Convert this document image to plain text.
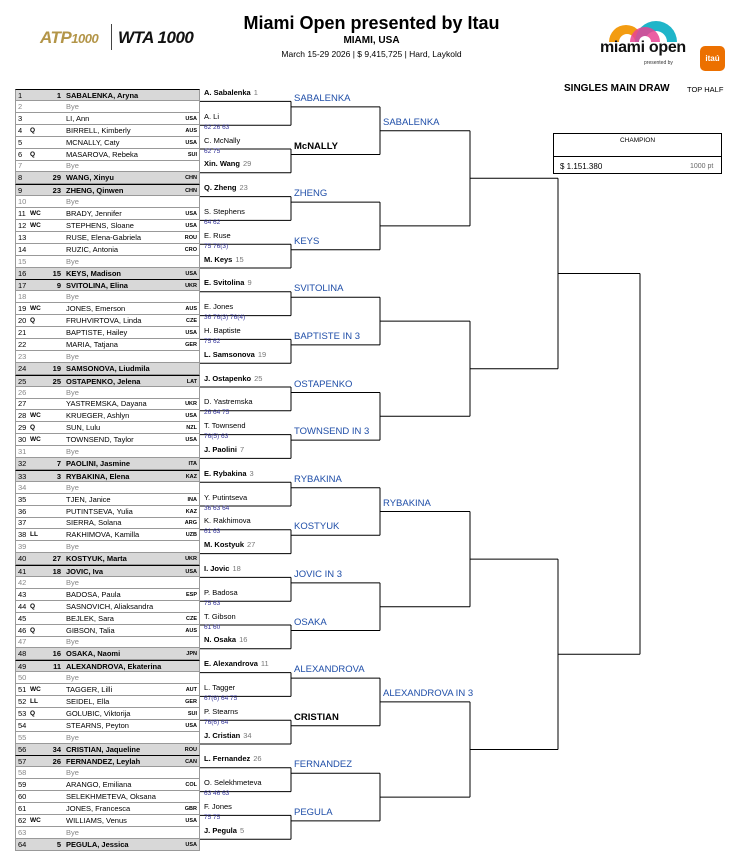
ATP1000 WTA 1000
Miami Open presented by Itau
MIAMI, USA
March 15-29 2026 | $ 9,415,725 | Hard, Laykold	miami open
presented by	itaú
SINGLES MAIN DRAW TOP HALF
CHAMPION
$ 1.151.380	1000 pt
1	1 SABALENKA, Aryna
2	Bye
3	LI, Ann	USA
4	Q	BIRRELL, Kimberly	AUS
5	MCNALLY, Caty	USA
6	Q	MASAROVA, Rebeka	SUI
7	Bye
8	29 WANG, Xinyu	CHN
9	23 ZHENG, Qinwen	CHN
10	Bye
11 WC	BRADY, Jennifer	USA
12 WC	STEPHENS, Sloane	USA
13	RUSE, Elena-Gabriela	ROU
14	RUZIC, Antonia	CRO
15	Bye
16	15 KEYS, Madison	USA
17	9 SVITOLINA, Elina	UKR
18	Bye
19 WC	JONES, Emerson	AUS
20 Q	FRUHVIRTOVA, Linda	CZE
21	BAPTISTE, Hailey	USA
22	MARIA, Tatjana	GER
23	Bye
24	19 SAMSONOVA, Liudmila
25	25 OSTAPENKO, Jelena	LAT
26	Bye
27	YASTREMSKA, Dayana	UKR
28 WC	KRUEGER, Ashlyn	USA
29 Q	SUN, Lulu	NZL
30 WC	TOWNSEND, Taylor	USA
31	Bye
32	7 PAOLINI, Jasmine	ITA
33	3 RYBAKINA, Elena	KAZ
34	Bye
35	TJEN, Janice	INA
36	PUTINTSEVA, Yulia	KAZ
37	SIERRA, Solana	ARG
38 LL	RAKHIMOVA, Kamilla	UZB
39	Bye
40	27 KOSTYUK, Marta	UKR
41	18 JOVIC, Iva	USA
42	Bye
43	BADOSA, Paula	ESP
44 Q	SASNOVICH, Aliaksandra
45	BEJLEK, Sara	CZE
46 Q	GIBSON, Talia	AUS
47	Bye
48	16 OSAKA, Naomi	JPN
49	11 ALEXANDROVA, Ekaterina
50	Bye
51 WC	TAGGER, Lilli	AUT
52 LL	SEIDEL, Ella	GER
53 Q	GOLUBIC, Viktorija	SUI
54	STEARNS, Peyton	USA
55	Bye
56	34 CRISTIAN, Jaqueline	ROU
57	26 FERNANDEZ, Leylah	CAN
58	Bye
59	ARANGO, Emiliana	COL
60	SELEKHMETEVA, Oksana
61	JONES, Francesca	GBR
62 WC	WILLIAMS, Venus	USA
63	Bye
64	5 PEGULA, Jessica	USA
A. Sabalenka 1
A. Li
62 26 63
C. McNally
62 75
Xin. Wang 29
Q. Zheng 23
S. Stephens
64 62
E. Ruse
75 76(3)
M. Keys 15
E. Svitolina 9
E. Jones
36 76(3) 76(4)
H. Baptiste
75 62
L. Samsonova 19
J. Ostapenko 25
D. Yastremska
26 64 75
T. Townsend
76(5) 63
J. Paolini 7
E. Rybakina 3
Y. Putintseva
36 63 64
K. Rakhimova
61 63
M. Kostyuk 27
I. Jovic 18
P. Badosa
75 63
T. Gibson
61 60
N. Osaka 16
E. Alexandrova 11
L. Tagger
67(6) 64 75
P. Stearns
76(6) 64
J. Cristian 34
L. Fernandez 26
O. Selekhmeteva
63 46 63
F. Jones
75 75
J. Pegula 5
SABALENKA
McNALLY
ZHENG
KEYS
SVITOLINA
BAPTISTE IN 3
OSTAPENKO
TOWNSEND IN 3
RYBAKINA
KOSTYUK
JOVIC IN 3
OSAKA
ALEXANDROVA
CRISTIAN
FERNANDEZ
PEGULA
SABALENKA
RYBAKINA
ALEXANDROVA IN 3
